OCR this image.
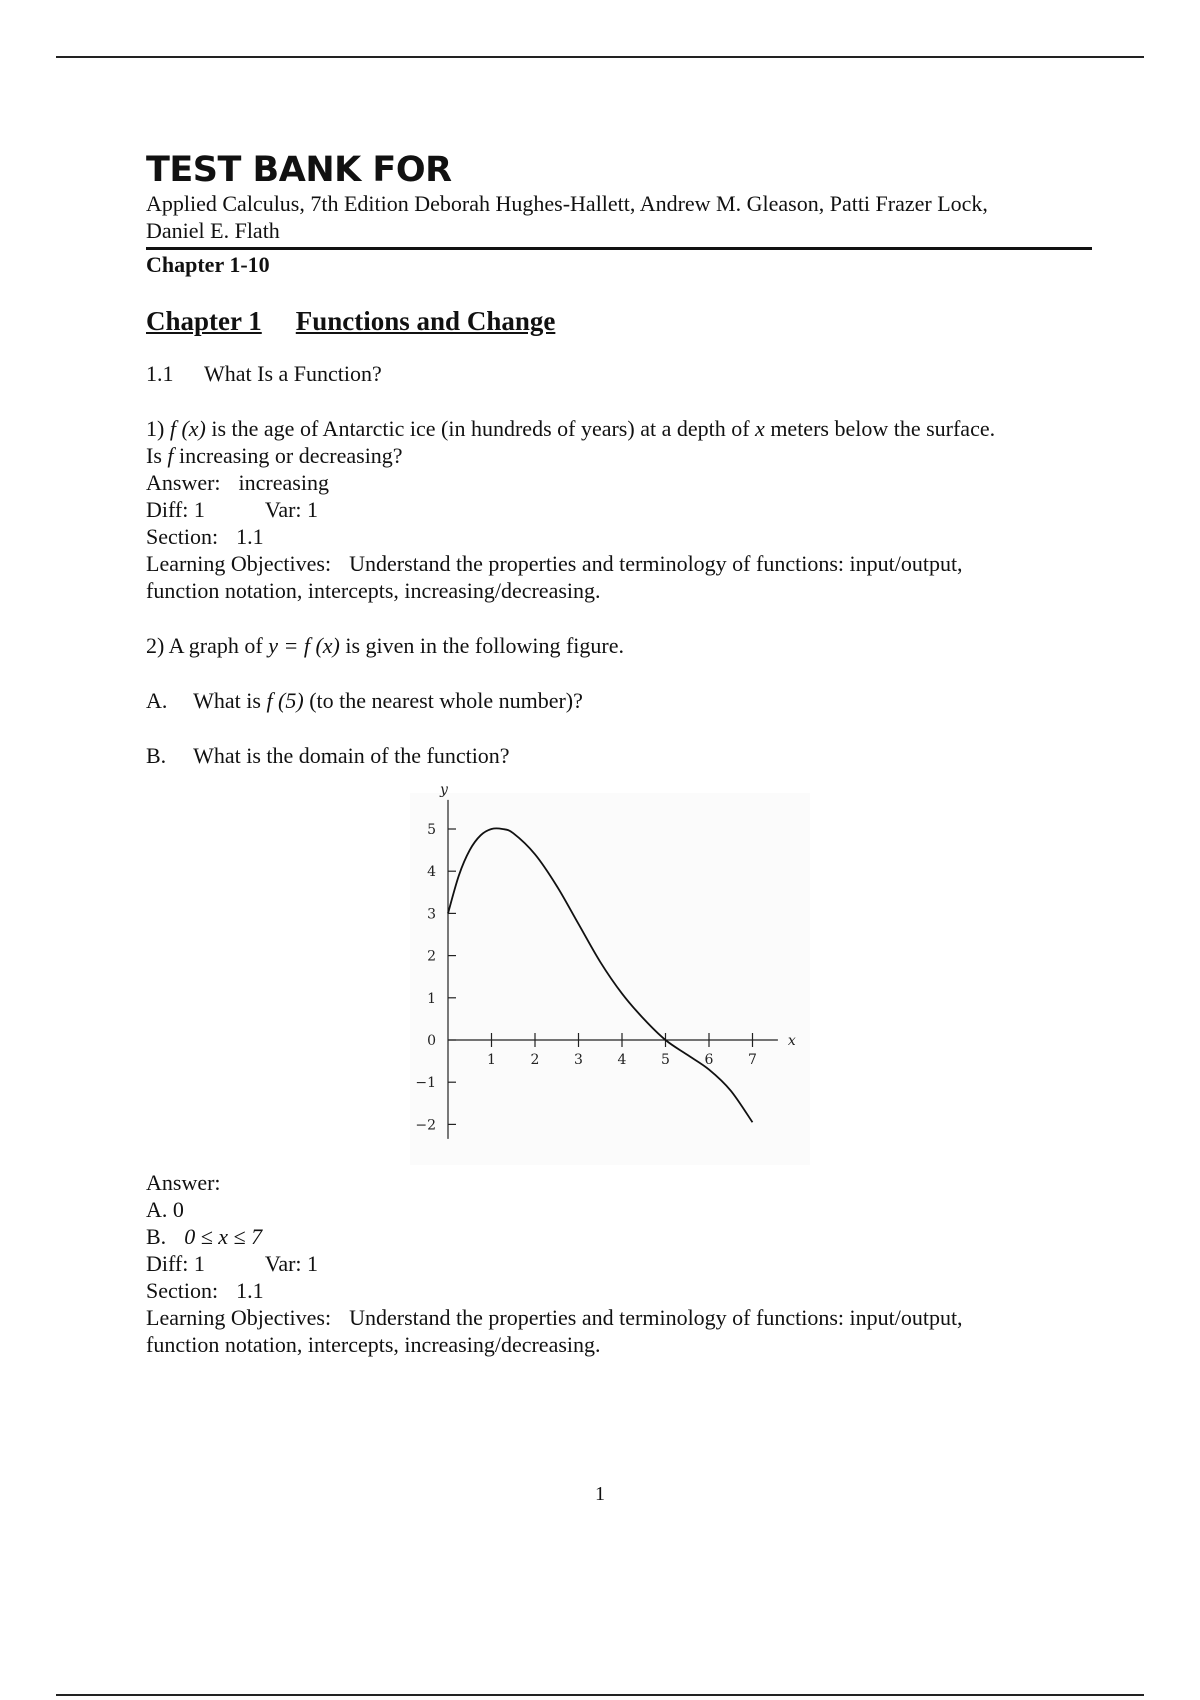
TEST BANK FOR

Applied Calculus, 7th Edition Deborah Hughes-Hallett, Andrew M. Gleason, Patti Frazer Lock,

Daniel E. Flath

Chapter 1-10
Chapter 1 Functions and Change
1.1 What Is a Function?

1) f (x) is the age of Antarctic ice (in hundreds of years) at a depth of x meters below the surface.

Is f increasing or decreasing?

Answer: increasing

Diff: 1	Var: 1

Section: 1.1

Learning Objectives: Understand the properties and terminology of functions: input/output,

function notation, intercepts, increasing/decreasing.

2) A graph of y = f (x) is given in the following figure.

A. What is f (5) (to the nearest whole number)?

B. What is the domain of the function?

5
4
3
2
1
0
−1
−2
1 2 3 4 5 6 7
x
y

Answer:

A. 0

B. 0 ≤ x ≤ 7

Diff: 1	Var: 1

Section: 1.1

Learning Objectives: Understand the properties and terminology of functions: input/output,

function notation, intercepts, increasing/decreasing.

1
